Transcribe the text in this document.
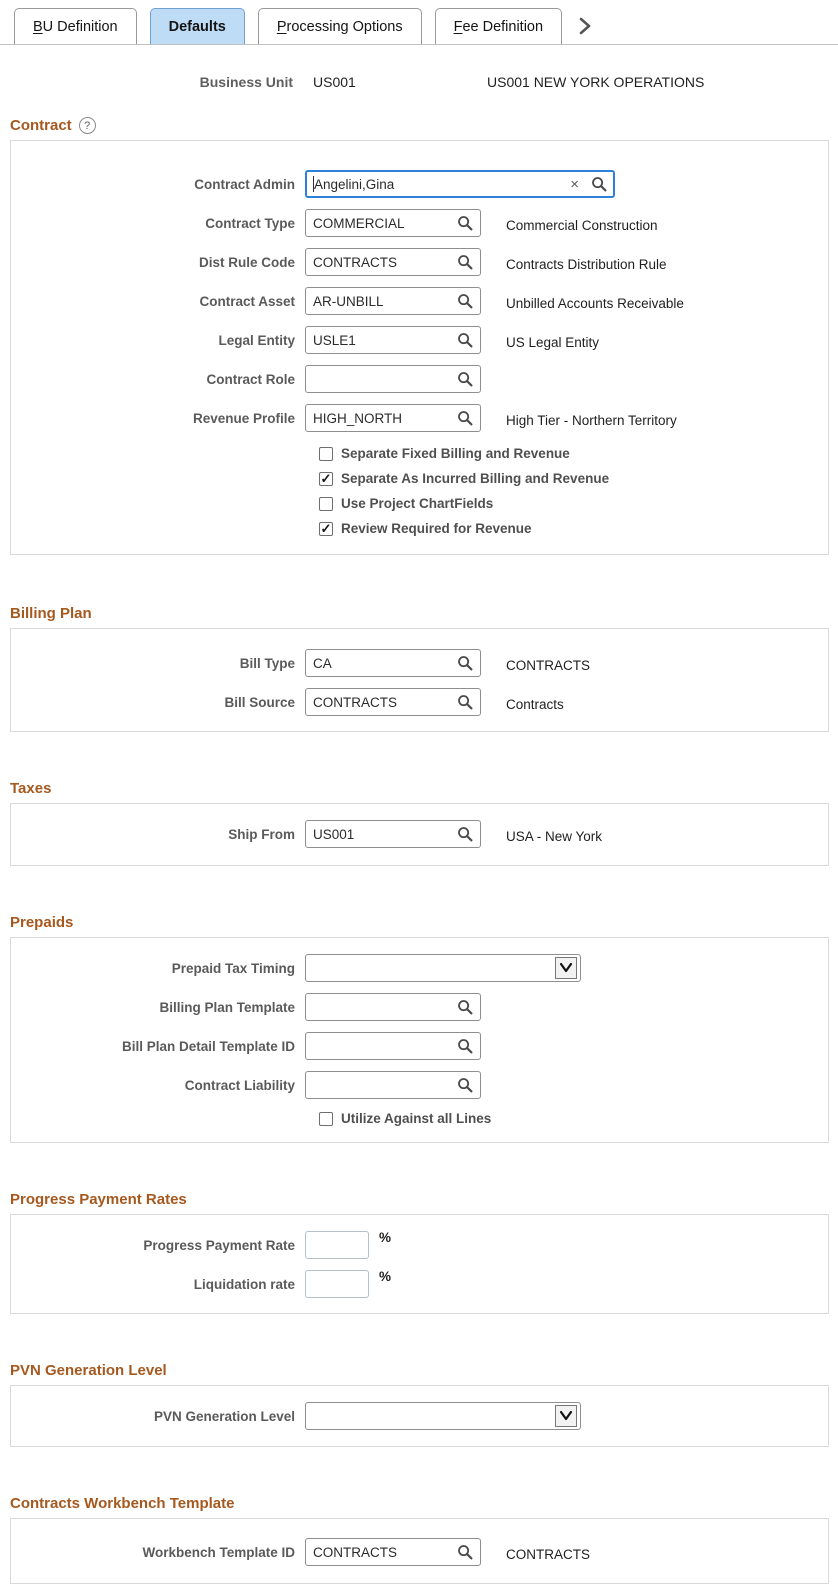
BU Definition	Defaults	Processing Options	Fee Definition
Business Unit US001	US001 NEW YORK OPERATIONS
Contract	?
Contract Admin	Angelini,Gina	×
Contract Type	COMMERCIAL	Commercial Construction
Dist Rule Code	CONTRACTS	Contracts Distribution Rule
Contract Asset	AR-UNBILL	Unbilled Accounts Receivable
Legal Entity	USLE1	US Legal Entity
Contract Role
Revenue Profile	HIGH_NORTH	High Tier - Northern Territory
Separate Fixed Billing and Revenue
✓ Separate As Incurred Billing and Revenue
Use Project ChartFields
✓ Review Required for Revenue
Billing Plan
Bill Type	CA	CONTRACTS
Bill Source	CONTRACTS	Contracts
Taxes
Ship From	US001	USA - New York
Prepaids
Prepaid Tax Timing
Billing Plan Template
Bill Plan Detail Template ID
Contract Liability
Utilize Against all Lines
Progress Payment Rates
Progress Payment Rate
%
Liquidation rate
%
PVN Generation Level
PVN Generation Level
Contracts Workbench Template
Workbench Template ID	CONTRACTS	CONTRACTS
